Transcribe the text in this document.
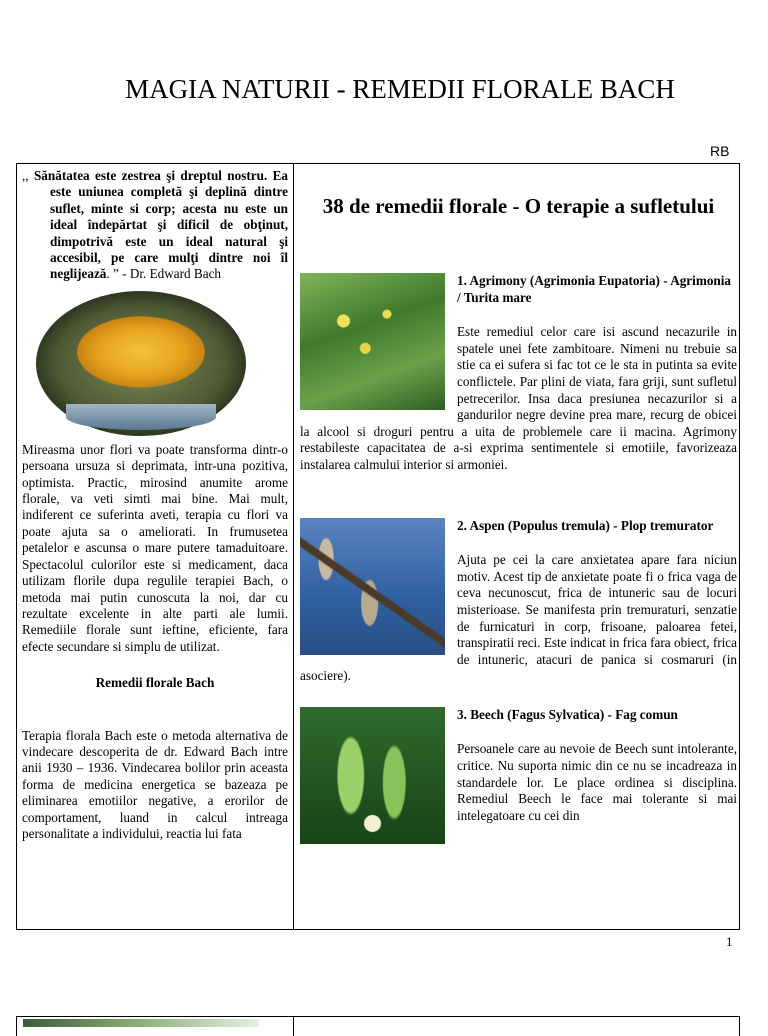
MAGIA NATURII - REMEDII FLORALE BACH
RB

,, Sănătatea este zestrea şi dreptul nostru. Ea este uniunea completă şi deplină dintre suflet, minte si corp; acesta nu este un ideal îndepărtat şi dificil de obţinut, dimpotrivă este un ideal natural şi accesibil, pe care mulţi dintre noi îl neglijează. ” - Dr. Edward Bach

Mireasma unor flori va poate transforma dintr-o persoana ursuza si deprimata, intr-una pozitiva, optimista. Practic, mirosind anumite arome florale, va veti simti mai bine. Mai mult, indiferent ce suferinta aveti, terapia cu flori va poate ajuta sa o ameliorati. In frumusetea petalelor e ascunsa o mare putere tamaduitoare. Spectacolul culorilor este si medicament, daca utilizam florile dupa regulile terapiei Bach, o metoda mai putin cunoscuta la noi, dar cu rezultate excelente in alte parti ale lumii. Remediile florale sunt ieftine, eficiente, fara efecte secundare si simplu de utilizat.

Remedii florale Bach

Terapia florala Bach este o metoda alternativa de vindecare descoperita de dr. Edward Bach intre anii 1930 – 1936. Vindecarea bolilor prin aceasta forma de medicina energetica se bazeaza pe eliminarea emotiilor negative, a erorilor de comportament, luand in calcul intreaga personalitate a individului, reactia lui fata

38 de remedii florale - O terapie a sufletului

1. Agrimony (Agrimonia Eupatoria) - Agrimonia / Turita mare

Este remediul celor care isi ascund necazurile in spatele unei fete zambitoare. Nimeni nu trebuie sa stie ca ei sufera si fac tot ce le sta in putinta sa evite conflictele. Par plini de viata, fara griji, sunt sufletul petrecerilor. Insa daca presiunea necazurilor si a gandurilor negre devine prea mare, recurg de obicei la alcool si droguri pentru a uita de problemele care ii macina. Agrimony restabileste capacitatea de a-si exprima sentimentele si emotiile, favorizeaza instalarea calmului interior si armoniei.

2. Aspen (Populus tremula) - Plop tremurator

Ajuta pe cei la care anxietatea apare fara niciun motiv. Acest tip de anxietate poate fi o frica vaga de ceva necunoscut, frica de intuneric sau de locuri misterioase. Se manifesta prin tremuraturi, senzatie de furnicaturi in corp, frisoane, paloarea fetei, transpiratii reci. Este indicat in frica fara obiect, frica de intuneric, atacuri de panica si cosmaruri (in asociere).

3. Beech (Fagus Sylvatica) - Fag comun

Persoanele care au nevoie de Beech sunt intolerante, critice. Nu suporta nimic din ce nu se incadreaza in standardele lor. Le place ordinea si disciplina. Remediul Beech le face mai tolerante si mai intelegatoare cu cei din

1
